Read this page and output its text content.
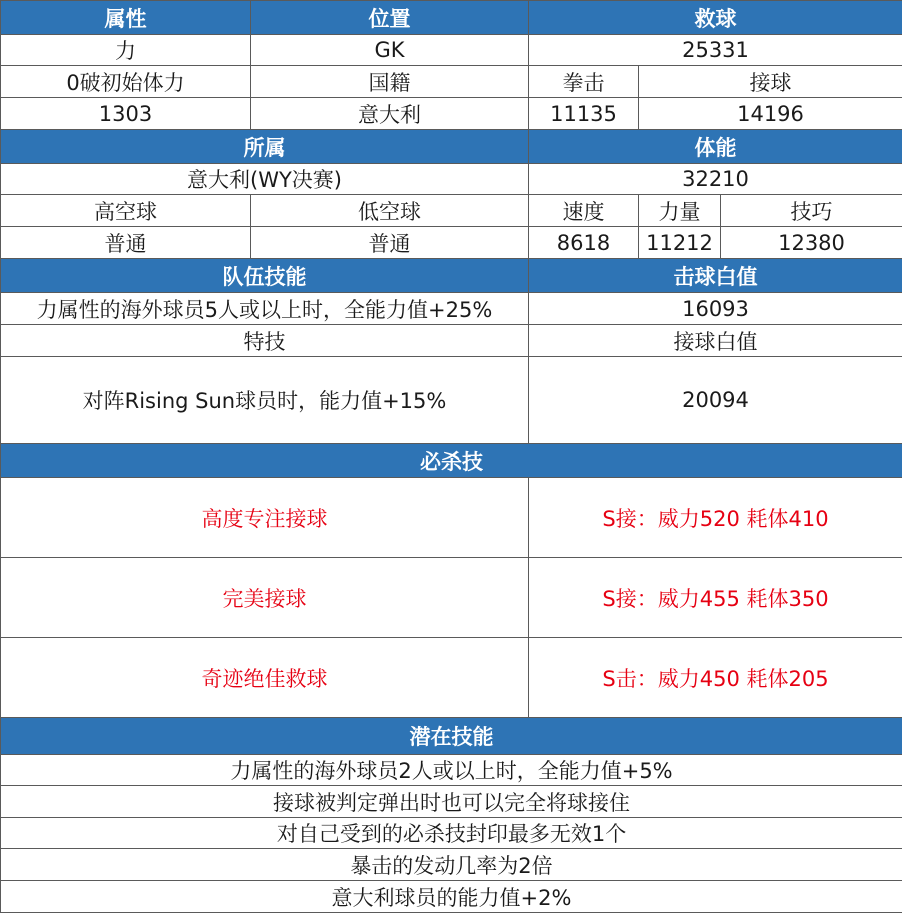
属性	位置	救球		
力	GK	25331		
0破初始体力	国籍	拳击	接球	
1303	意大利	11135	14196	
所属		体能		
意大利(WY决赛)		32210		
高空球	低空球	速度	力量	技巧
普通	普通	8618	11212	12380
队伍技能		击球白值		
力属性的海外球员5人或以上时，全能力值+25%		16093		
特技		接球白值		
对阵Rising Sun球员时，能力值+15%		20094		
必杀技				
高度专注接球		S接：威力520 耗体410		
完美接球		S接：威力455 耗体350		
奇迹绝佳救球		S击：威力450 耗体205		
潜在技能				
力属性的海外球员2人或以上时，全能力值+5%				
接球被判定弹出时也可以完全将球接住				
对自己受到的必杀技封印最多无效1个				
暴击的发动几率为2倍				
意大利球员的能力值+2%				
